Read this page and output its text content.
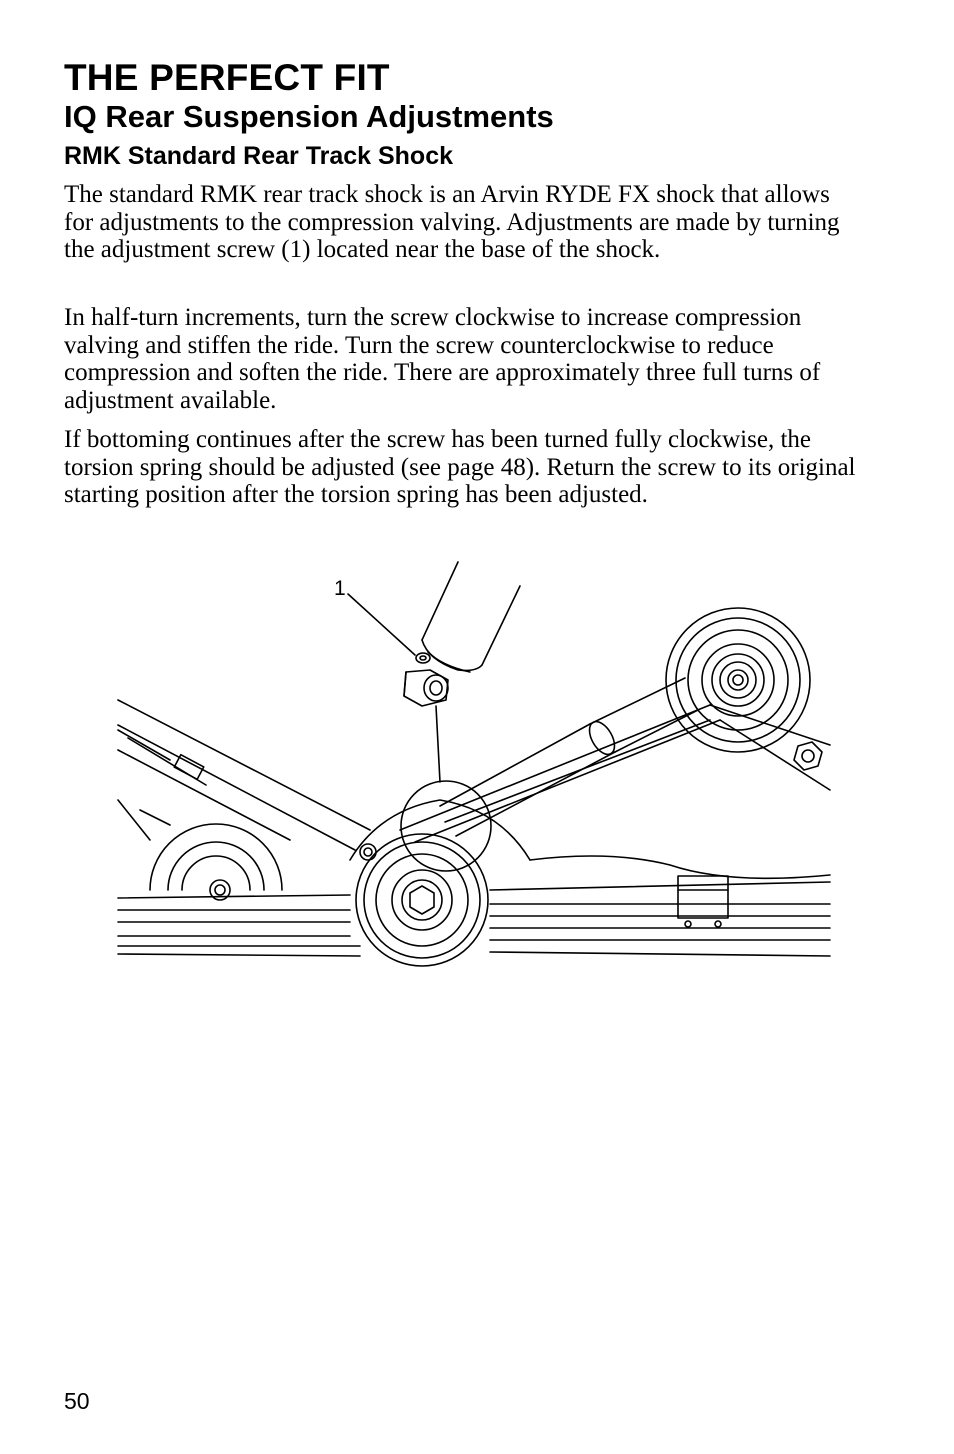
THE PERFECT FIT
IQ Rear Suspension Adjustments
RMK Standard Rear Track Shock

The standard RMK rear track shock is an Arvin RYDE FX shock that allows for adjustments to the compression valving. Adjustments are made by turning the adjustment screw (1) located near the base of the shock.

In half-turn increments, turn the screw clockwise to increase compression valving and stiffen the ride. Turn the screw counterclockwise to reduce compression and soften the ride. There are approximately three full turns of adjustment available.

If bottoming continues after the screw has been turned fully clockwise, the torsion spring should be adjusted (see page 48). Return the screw to its original starting position after the torsion spring has been adjusted.

1

50
